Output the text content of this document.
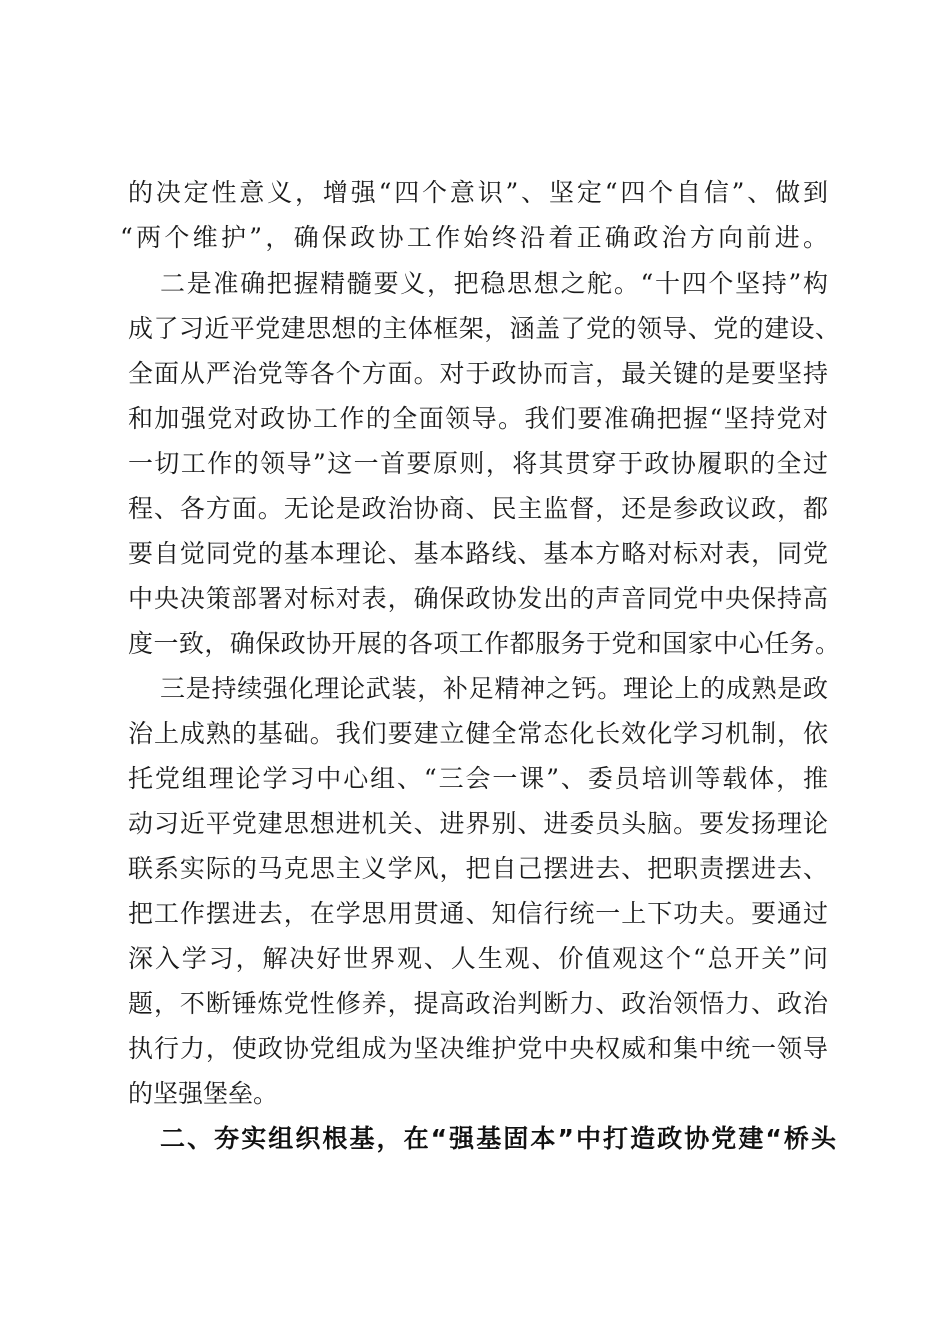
的决定性意义，增强“四个意识”、坚定“四个自信”、做到
“两个维护”，确保政协工作始终沿着正确政治方向前进。
二是准确把握精髓要义，把稳思想之舵。“十四个坚持”构
成了习近平党建思想的主体框架，涵盖了党的领导、党的建设、
全面从严治党等各个方面。对于政协而言，最关键的是要坚持
和加强党对政协工作的全面领导。我们要准确把握“坚持党对
一切工作的领导”这一首要原则，将其贯穿于政协履职的全过
程、各方面。无论是政治协商、民主监督，还是参政议政，都
要自觉同党的基本理论、基本路线、基本方略对标对表，同党
中央决策部署对标对表，确保政协发出的声音同党中央保持高
度一致，确保政协开展的各项工作都服务于党和国家中心任务。
三是持续强化理论武装，补足精神之钙。理论上的成熟是政
治上成熟的基础。我们要建立健全常态化长效化学习机制，依
托党组理论学习中心组、“三会一课”、委员培训等载体，推
动习近平党建思想进机关、进界别、进委员头脑。要发扬理论
联系实际的马克思主义学风，把自己摆进去、把职责摆进去、
把工作摆进去，在学思用贯通、知信行统一上下功夫。要通过
深入学习，解决好世界观、人生观、价值观这个“总开关”问
题，不断锤炼党性修养，提高政治判断力、政治领悟力、政治
执行力，使政协党组成为坚决维护党中央权威和集中统一领导
的坚强堡垒。
二、夯实组织根基，在“强基固本”中打造政协党建“桥头
